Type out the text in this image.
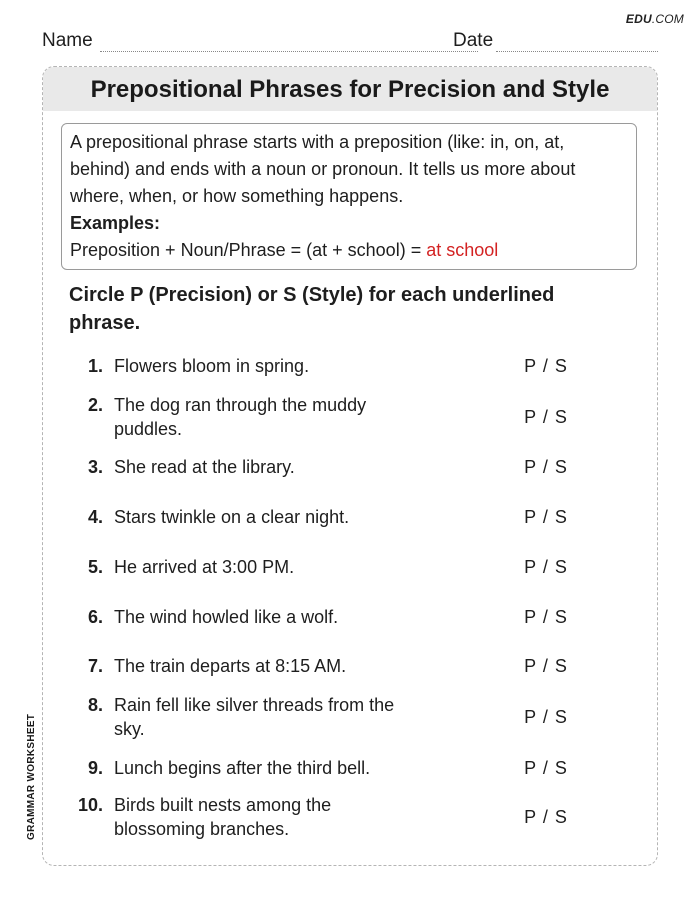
EDU.COM
Name	Date
Prepositional Phrases for Precision and Style

A prepositional phrase starts with a preposition (like: in, on, at, behind) and ends with a noun or pronoun. It tells us more about where, when, or how something happens.

Examples:
Preposition + Noun/Phrase = (at + school) = at school
Circle P (Precision) or S (Style) for each underlined phrase.
1. Flowers bloom in spring.	P / S
2. The dog ran through the muddy puddles.
P / S
3. She read at the library.	P / S
4. Stars twinkle on a clear night.	P / S
5. He arrived at 3:00 PM.	P / S
6. The wind howled like a wolf.	P / S
7. The train departs at 8:15 AM.	P / S
8. Rain fell like silver threads from the sky.
P / S
9. Lunch begins after the third bell.	P / S
10. Birds built nests among the blossoming branches.
P / S
GRAMMAR WORKSHEET
